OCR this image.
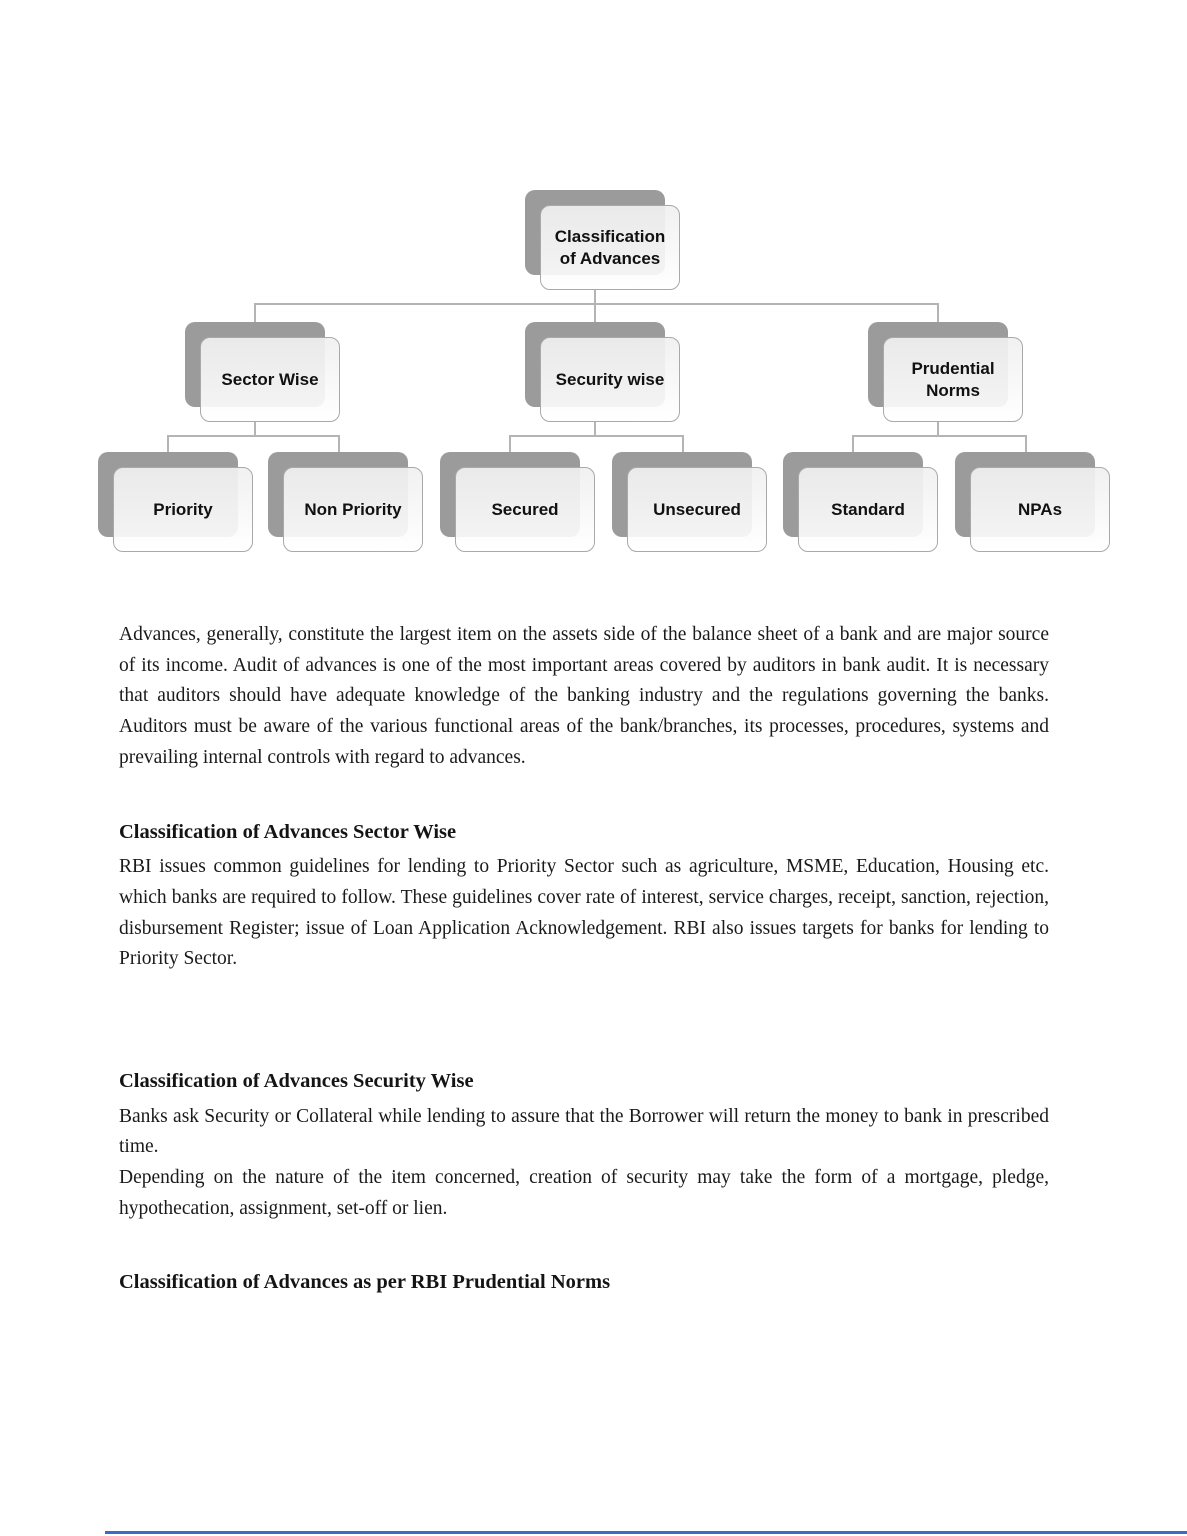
Classification of Advances
Sector Wise	Security wise
Prudential Norms
Priority	Non Priority	Secured	Unsecured	Standard	NPAs

Advances, generally, constitute the largest item on the assets side of the balance sheet of a bank and are major source of its income. Audit of advances is one of the most important areas covered by auditors in bank audit. It is necessary that auditors should have adequate knowledge of the banking industry and the regulations governing the banks. Auditors must be aware of the various functional areas of the bank/branches, its processes, procedures, systems and prevailing internal controls with regard to advances.

Classification of Advances Sector Wise

RBI issues common guidelines for lending to Priority Sector such as agriculture, MSME, Education, Housing etc. which banks are required to follow. These guidelines cover rate of interest, service charges, receipt, sanction, rejection, disbursement Register; issue of Loan Application Acknowledgement. RBI also issues targets for banks for lending to Priority Sector.

Classification of Advances Security Wise

Banks ask Security or Collateral while lending to assure that the Borrower will return the money to bank in prescribed time.

Depending on the nature of the item concerned, creation of security may take the form of a mortgage, pledge, hypothecation, assignment, set-off or lien.

Classification of Advances as per RBI Prudential Norms
